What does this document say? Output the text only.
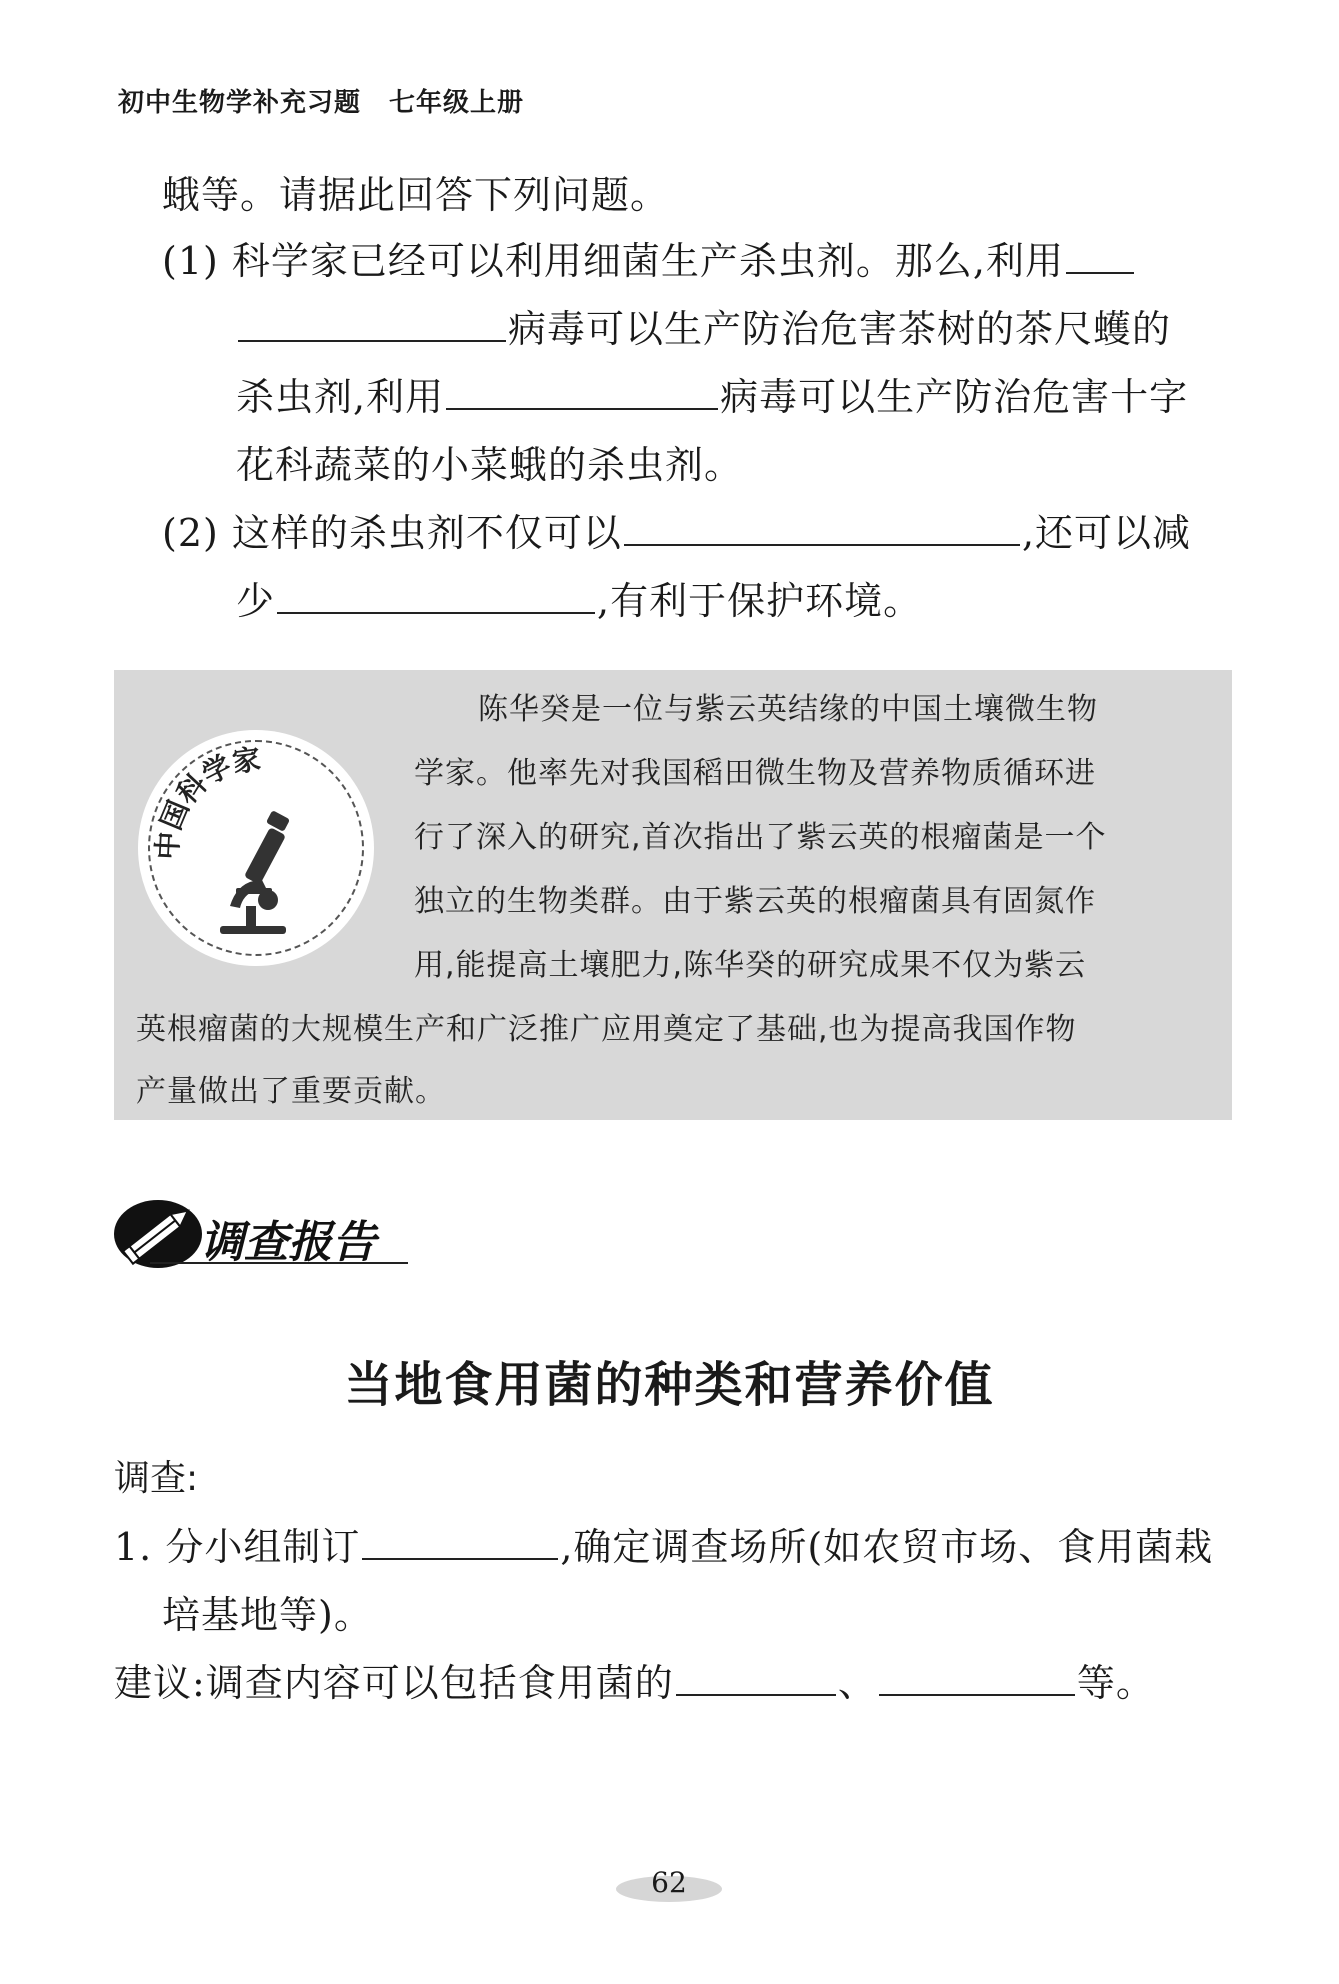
初中生物学补充习题 七年级上册
蛾等。请据此回答下列问题。
(1) 科学家已经可以利用细菌生产杀虫剂。那么,利用
病毒可以生产防治危害茶树的茶尺蠖的
杀虫剂,利用	病毒可以生产防治危害十字
花科蔬菜的小菜蛾的杀虫剂。
(2) 这样的杀虫剂不仅可以	,还可以减
少	,有利于保护环境。
中国科学家
陈华癸是一位与紫云英结缘的中国土壤微生物
学家。他率先对我国稻田微生物及营养物质循环进
行了深入的研究,首次指出了紫云英的根瘤菌是一个
独立的生物类群。由于紫云英的根瘤菌具有固氮作
用,能提高土壤肥力,陈华癸的研究成果不仅为紫云
英根瘤菌的大规模生产和广泛推广应用奠定了基础,也为提高我国作物
产量做出了重要贡献。
调查报告
当地食用菌的种类和营养价值
调查:
1. 分小组制订	,确定调查场所(如农贸市场、食用菌栽
培基地等)。
建议:调查内容可以包括食用菌的	、	等。
62
